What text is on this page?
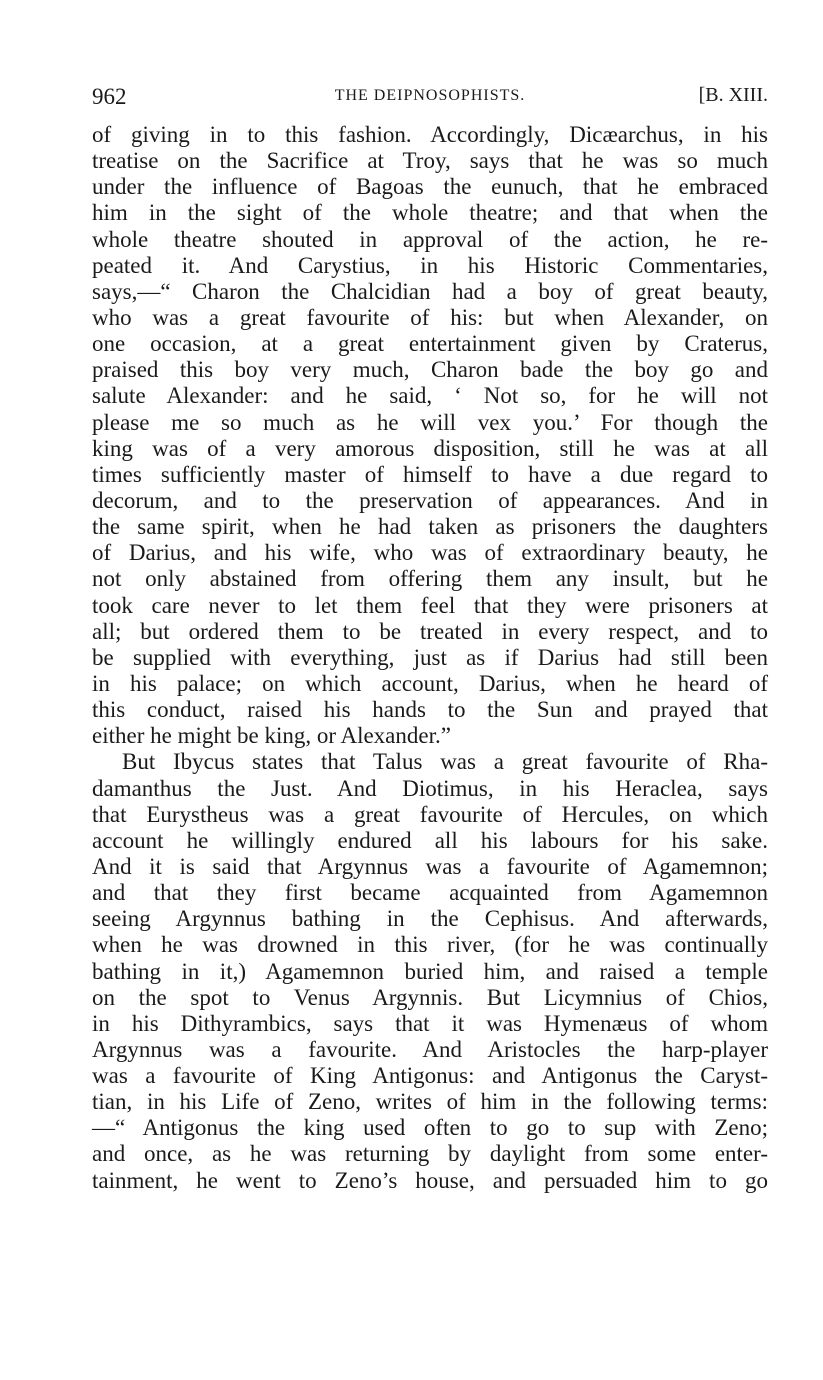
962	THE DEIPNOSOPHISTS.	[B. XIII.
of giving in to this fashion. Accordingly, Dicæarchus, in his
treatise on the Sacrifice at Troy, says that he was so much
under the influence of Bagoas the eunuch, that he embraced
him in the sight of the whole theatre; and that when the
whole theatre shouted in approval of the action, he re-
peated it. And Carystius, in his Historic Commentaries,
says,—“ Charon the Chalcidian had a boy of great beauty,
who was a great favourite of his: but when Alexander, on
one occasion, at a great entertainment given by Craterus,
praised this boy very much, Charon bade the boy go and
salute Alexander: and he said, ‘ Not so, for he will not
please me so much as he will vex you.’ For though the
king was of a very amorous disposition, still he was at all
times sufficiently master of himself to have a due regard to
decorum, and to the preservation of appearances. And in
the same spirit, when he had taken as prisoners the daughters
of Darius, and his wife, who was of extraordinary beauty, he
not only abstained from offering them any insult, but he
took care never to let them feel that they were prisoners at
all; but ordered them to be treated in every respect, and to
be supplied with everything, just as if Darius had still been
in his palace; on which account, Darius, when he heard of
this conduct, raised his hands to the Sun and prayed that
either he might be king, or Alexander.”
But Ibycus states that Talus was a great favourite of Rha-
damanthus the Just. And Diotimus, in his Heraclea, says
that Eurystheus was a great favourite of Hercules, on which
account he willingly endured all his labours for his sake.
And it is said that Argynnus was a favourite of Agamemnon;
and that they first became acquainted from Agamemnon
seeing Argynnus bathing in the Cephisus. And afterwards,
when he was drowned in this river, (for he was continually
bathing in it,) Agamemnon buried him, and raised a temple
on the spot to Venus Argynnis. But Licymnius of Chios,
in his Dithyrambics, says that it was Hymenæus of whom
Argynnus was a favourite. And Aristocles the harp-player
was a favourite of King Antigonus: and Antigonus the Caryst-
tian, in his Life of Zeno, writes of him in the following terms:
—“ Antigonus the king used often to go to sup with Zeno;
and once, as he was returning by daylight from some enter-
tainment, he went to Zeno’s house, and persuaded him to go
